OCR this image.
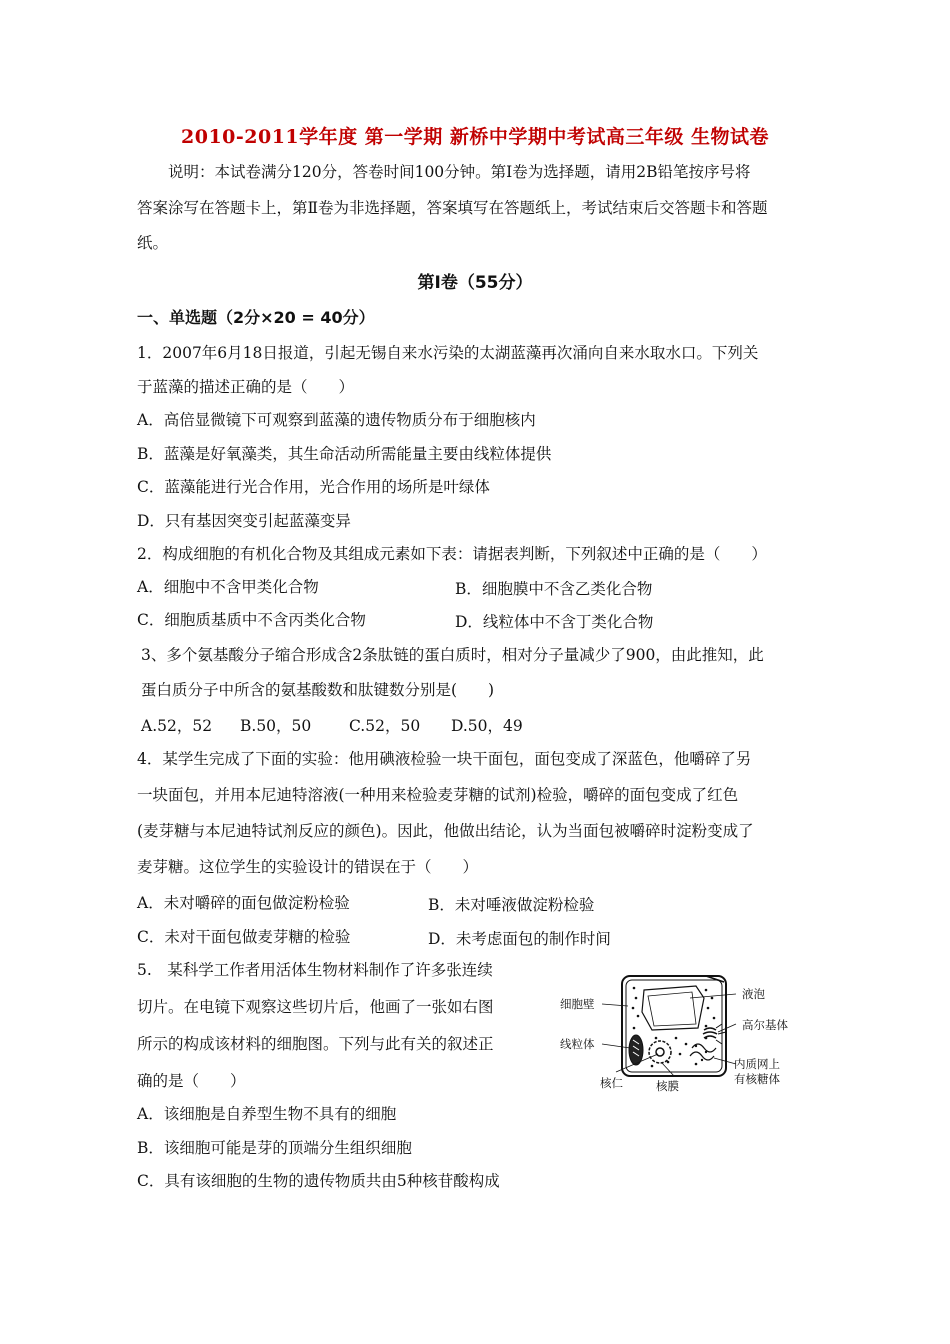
2010-2011学年度 第一学期 新桥中学期中考试高三年级 生物试卷
说明：本试卷满分120分，答卷时间100分钟。第Ⅰ卷为选择题，请用2B铅笔按序号将
答案涂写在答题卡上，第Ⅱ卷为非选择题，答案填写在答题纸上，考试结束后交答题卡和答题
纸。
第Ⅰ卷（55分）
一、单选题（2分×20 = 40分）
1．2007年6月18日报道，引起无锡自来水污染的太湖蓝藻再次涌向自来水取水口。下列关
于蓝藻的描述正确的是（　　）
A．高倍显微镜下可观察到蓝藻的遗传物质分布于细胞核内
B．蓝藻是好氧藻类，其生命活动所需能量主要由线粒体提供
C．蓝藻能进行光合作用，光合作用的场所是叶绿体
D．只有基因突变引起蓝藻变异
2．构成细胞的有机化合物及其组成元素如下表：请据表判断，下列叙述中正确的是（　　）
A．细胞中不含甲类化合物	B．细胞膜中不含乙类化合物
C．细胞质基质中不含丙类化合物	D．线粒体中不含丁类化合物
3、多个氨基酸分子缩合形成含2条肽链的蛋白质时，相对分子量减少了900，由此推知，此
蛋白质分子中所含的氨基酸数和肽键数分别是(　　)
A.52，52 B.50，50 C.52，50 D.50，49
4．某学生完成了下面的实验：他用碘液检验一块干面包，面包变成了深蓝色，他嚼碎了另
一块面包，并用本尼迪特溶液(一种用来检验麦芽糖的试剂)检验，嚼碎的面包变成了红色
(麦芽糖与本尼迪特试剂反应的颜色)。因此，他做出结论，认为当面包被嚼碎时淀粉变成了
麦芽糖。这位学生的实验设计的错误在于（　　）
A．未对嚼碎的面包做淀粉检验	B．未对唾液做淀粉检验
C．未对干面包做麦芽糖的检验	D．未考虑面包的制作时间
5.　某科学工作者用活体生物材料制作了许多张连续
切片。在电镜下观察这些切片后，他画了一张如右图
所示的构成该材料的细胞图。下列与此有关的叙述正
确的是（　　）
A．该细胞是自养型生物不具有的细胞
B．该细胞可能是芽的顶端分生组织细胞
C．具有该细胞的生物的遗传物质共由5种核苷酸构成
细胞壁
线粒体
核仁	核膜
液泡
高尔基体
内质网上
有核糖体
